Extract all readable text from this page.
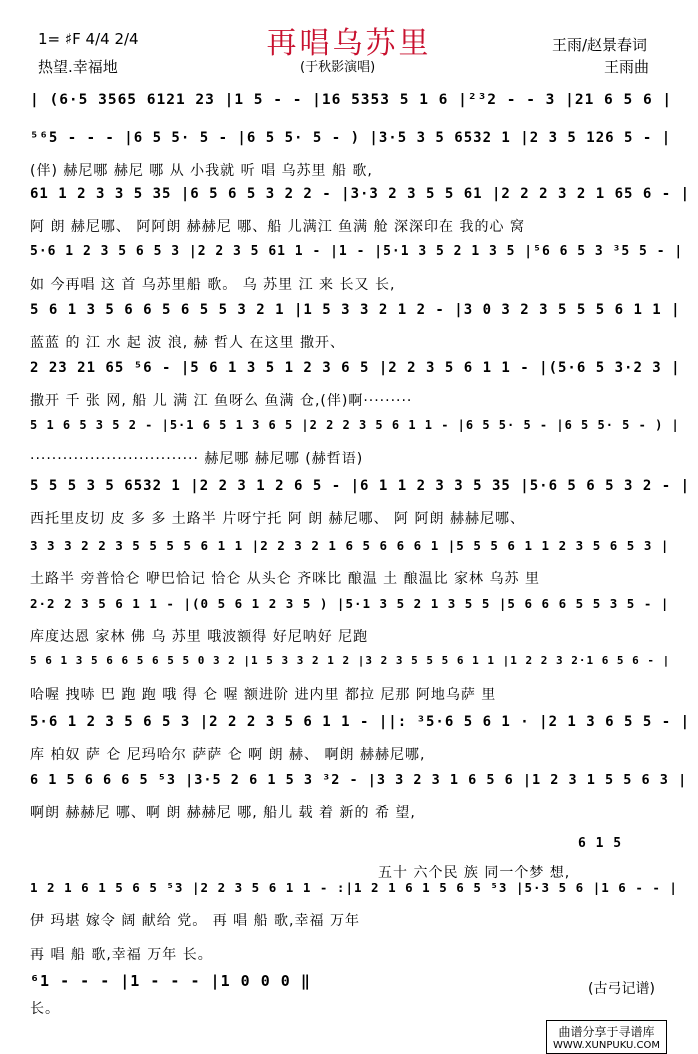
再唱乌苏里
1= ♯F 4/4 2/4
热望.幸福地	(于秋影演唱)
王雨/赵景春词
王雨曲
| (6·5 3565 6121 23 |1 5 - - |16 5353 5 1 6 |²³2 - - 3 |21 6 5 6 |
⁵⁶5 - - - |6 5 5· 5 - |6 5 5· 5 - ) |3·5 3 5 6532 1 |2 3 5 126 5 - |
(伴) 赫尼哪 赫尼 哪 从 小我就 听 唱 乌苏里 船 歌,
61 1 2 3 3 5 35 |6 5 6 5 3 2 2 - |3·3 2 3 5 5 61 |2 2 2 3 2 1 65 6 - |
阿 朗 赫尼哪、 阿阿朗 赫赫尼 哪、船 儿满江 鱼满 舱 深深印在 我的心 窝
5·6 1 2 3 5 6 5 3 |2 2 3 5 61 1 - |1 - |5·1 3 5 2 1 3 5 |⁵6 6 5 3 ³5 5 - |
如 今再唱 这 首 乌苏里船 歌。 乌 苏里 江 来 长又 长,
5 6 1 3 5 6 6 5 6 5 5 3 2 1 |1 5 3 3 2 1 2 - |3 0 3 2 3 5 5 5 6 1 1 |
蓝蓝 的 江 水 起 波 浪, 赫 哲人 在这里 撒开、
2 23 21 65 ⁵6 - |5 6 1 3 5 1 2 3 6 5 |2 2 3 5 6 1 1 - |(5·6 5 3·2 3 |
撒开 千 张 网, 船 儿 满 江 鱼呀么 鱼满 仓,(伴)啊·········
5 1 6 5 3 5 2 - |5·1 6 5 1 3 6 5 |2 2 2 3 5 6 1 1 - |6 5 5· 5 - |6 5 5· 5 - ) |
······························· 赫尼哪 赫尼哪 (赫哲语)
5 5 5 3 5 6532 1 |2 2 3 1 2 6 5 - |6 1 1 2 3 3 5 35 |5·6 5 6 5 3 2 - |
西托里皮切 皮 多 多 土路半 片呀宁托 阿 朗 赫尼哪、 阿 阿朗 赫赫尼哪、
3 3 3 2 2 3 5 5 5 5 6 1 1 |2 2 3 2 1 6 5 6 6 6 1 |5 5 5 6 1 1 2 3 5 6 5 3 |
土路半 旁普恰仑 咿巴恰记 恰仑 从头仑 齐咪比 酿温 土 酿温比 家林 乌苏 里
2·2 2 3 5 6 1 1 - |(0 5 6 1 2 3 5 ) |5·1 3 5 2 1 3 5 5 |5 6 6 6 5 5 3 5 - |
库度达恩 家林 佛 乌 苏里 哦波额得 好尼呐好 尼跑
5 6 1 3 5 6 6 5 6 5 5 0 3 2 |1 5 3 3 2 1 2 |3 2 3 5 5 5 6 1 1 |1 2 2 3 2·1 6 5 6 - |
哈喔 拽哧 巴 跑 跑 哦 得 仑 喔 额进阶 进内里 都拉 尼那 阿地乌萨 里
5·6 1 2 3 5 6 5 3 |2 2 2 3 5 6 1 1 - ||: ³5·6 5 6 1 · |2 1 3 6 5 5 - |
库 柏奴 萨 仑 尼玛哈尔 萨萨 仑 啊 朗 赫、 啊朗 赫赫尼哪,
6 1 5 6 6 6 5 ⁵3 |3·5 2 6 1 5 3 ³2 - |3 3 2 3 1 6 5 6 |1 2 3 1 5 5 6 3 |
啊朗 赫赫尼 哪、啊 朗 赫赫尼 哪, 船儿 载 着 新的 希 望,
6 1 5
五十 六个民 族 同一个梦 想,
1 2 1 6 1 5 6 5 ⁵3 |2 2 3 5 6 1 1 - :|1 2 1 6 1 5 6 5 ⁵3 |5·3 5 6 |1 6 - - |
伊 玛堪 嫁令 阔 献给 党。 再 唱 船 歌,幸福 万年
再 唱 船 歌,幸福 万年 长。
⁶1 - - - |1 - - - |1 0 0 0 ‖
长。
(古弓记谱)
曲谱分享于寻谱库
WWW.XUNPUKU.COM
